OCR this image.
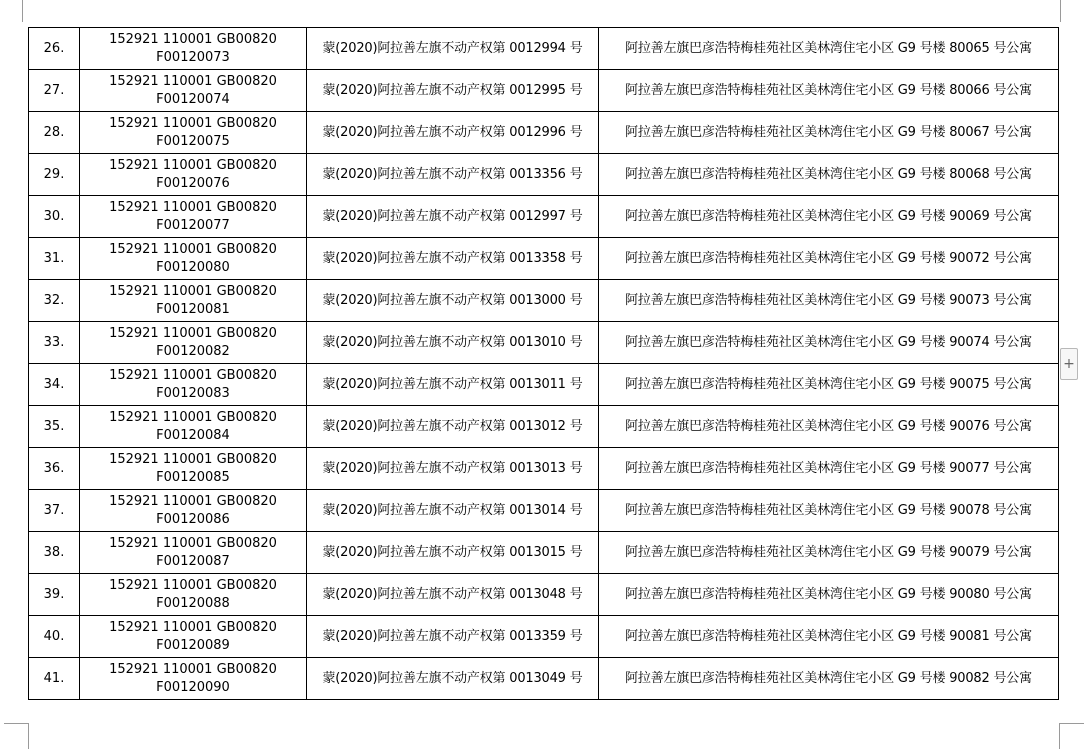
26.	152921 110001 GB00820
F00120073	蒙(2020)阿拉善左旗不动产权第 0012994 号	阿拉善左旗巴彦浩特梅桂苑社区美林湾住宅小区 G9 号楼 80065 号公寓
27.	152921 110001 GB00820
F00120074	蒙(2020)阿拉善左旗不动产权第 0012995 号	阿拉善左旗巴彦浩特梅桂苑社区美林湾住宅小区 G9 号楼 80066 号公寓
28.	152921 110001 GB00820
F00120075	蒙(2020)阿拉善左旗不动产权第 0012996 号	阿拉善左旗巴彦浩特梅桂苑社区美林湾住宅小区 G9 号楼 80067 号公寓
29.	152921 110001 GB00820
F00120076	蒙(2020)阿拉善左旗不动产权第 0013356 号	阿拉善左旗巴彦浩特梅桂苑社区美林湾住宅小区 G9 号楼 80068 号公寓
30.	152921 110001 GB00820
F00120077	蒙(2020)阿拉善左旗不动产权第 0012997 号	阿拉善左旗巴彦浩特梅桂苑社区美林湾住宅小区 G9 号楼 90069 号公寓
31.	152921 110001 GB00820
F00120080	蒙(2020)阿拉善左旗不动产权第 0013358 号	阿拉善左旗巴彦浩特梅桂苑社区美林湾住宅小区 G9 号楼 90072 号公寓
32.	152921 110001 GB00820
F00120081	蒙(2020)阿拉善左旗不动产权第 0013000 号	阿拉善左旗巴彦浩特梅桂苑社区美林湾住宅小区 G9 号楼 90073 号公寓
33.	152921 110001 GB00820
F00120082	蒙(2020)阿拉善左旗不动产权第 0013010 号	阿拉善左旗巴彦浩特梅桂苑社区美林湾住宅小区 G9 号楼 90074 号公寓
34.	152921 110001 GB00820
F00120083	蒙(2020)阿拉善左旗不动产权第 0013011 号	阿拉善左旗巴彦浩特梅桂苑社区美林湾住宅小区 G9 号楼 90075 号公寓
35.	152921 110001 GB00820
F00120084	蒙(2020)阿拉善左旗不动产权第 0013012 号	阿拉善左旗巴彦浩特梅桂苑社区美林湾住宅小区 G9 号楼 90076 号公寓
36.	152921 110001 GB00820
F00120085	蒙(2020)阿拉善左旗不动产权第 0013013 号	阿拉善左旗巴彦浩特梅桂苑社区美林湾住宅小区 G9 号楼 90077 号公寓
37.	152921 110001 GB00820
F00120086	蒙(2020)阿拉善左旗不动产权第 0013014 号	阿拉善左旗巴彦浩特梅桂苑社区美林湾住宅小区 G9 号楼 90078 号公寓
38.	152921 110001 GB00820
F00120087	蒙(2020)阿拉善左旗不动产权第 0013015 号	阿拉善左旗巴彦浩特梅桂苑社区美林湾住宅小区 G9 号楼 90079 号公寓
39.	152921 110001 GB00820
F00120088	蒙(2020)阿拉善左旗不动产权第 0013048 号	阿拉善左旗巴彦浩特梅桂苑社区美林湾住宅小区 G9 号楼 90080 号公寓
40.	152921 110001 GB00820
F00120089	蒙(2020)阿拉善左旗不动产权第 0013359 号	阿拉善左旗巴彦浩特梅桂苑社区美林湾住宅小区 G9 号楼 90081 号公寓
41.	152921 110001 GB00820
F00120090	蒙(2020)阿拉善左旗不动产权第 0013049 号	阿拉善左旗巴彦浩特梅桂苑社区美林湾住宅小区 G9 号楼 90082 号公寓
+
